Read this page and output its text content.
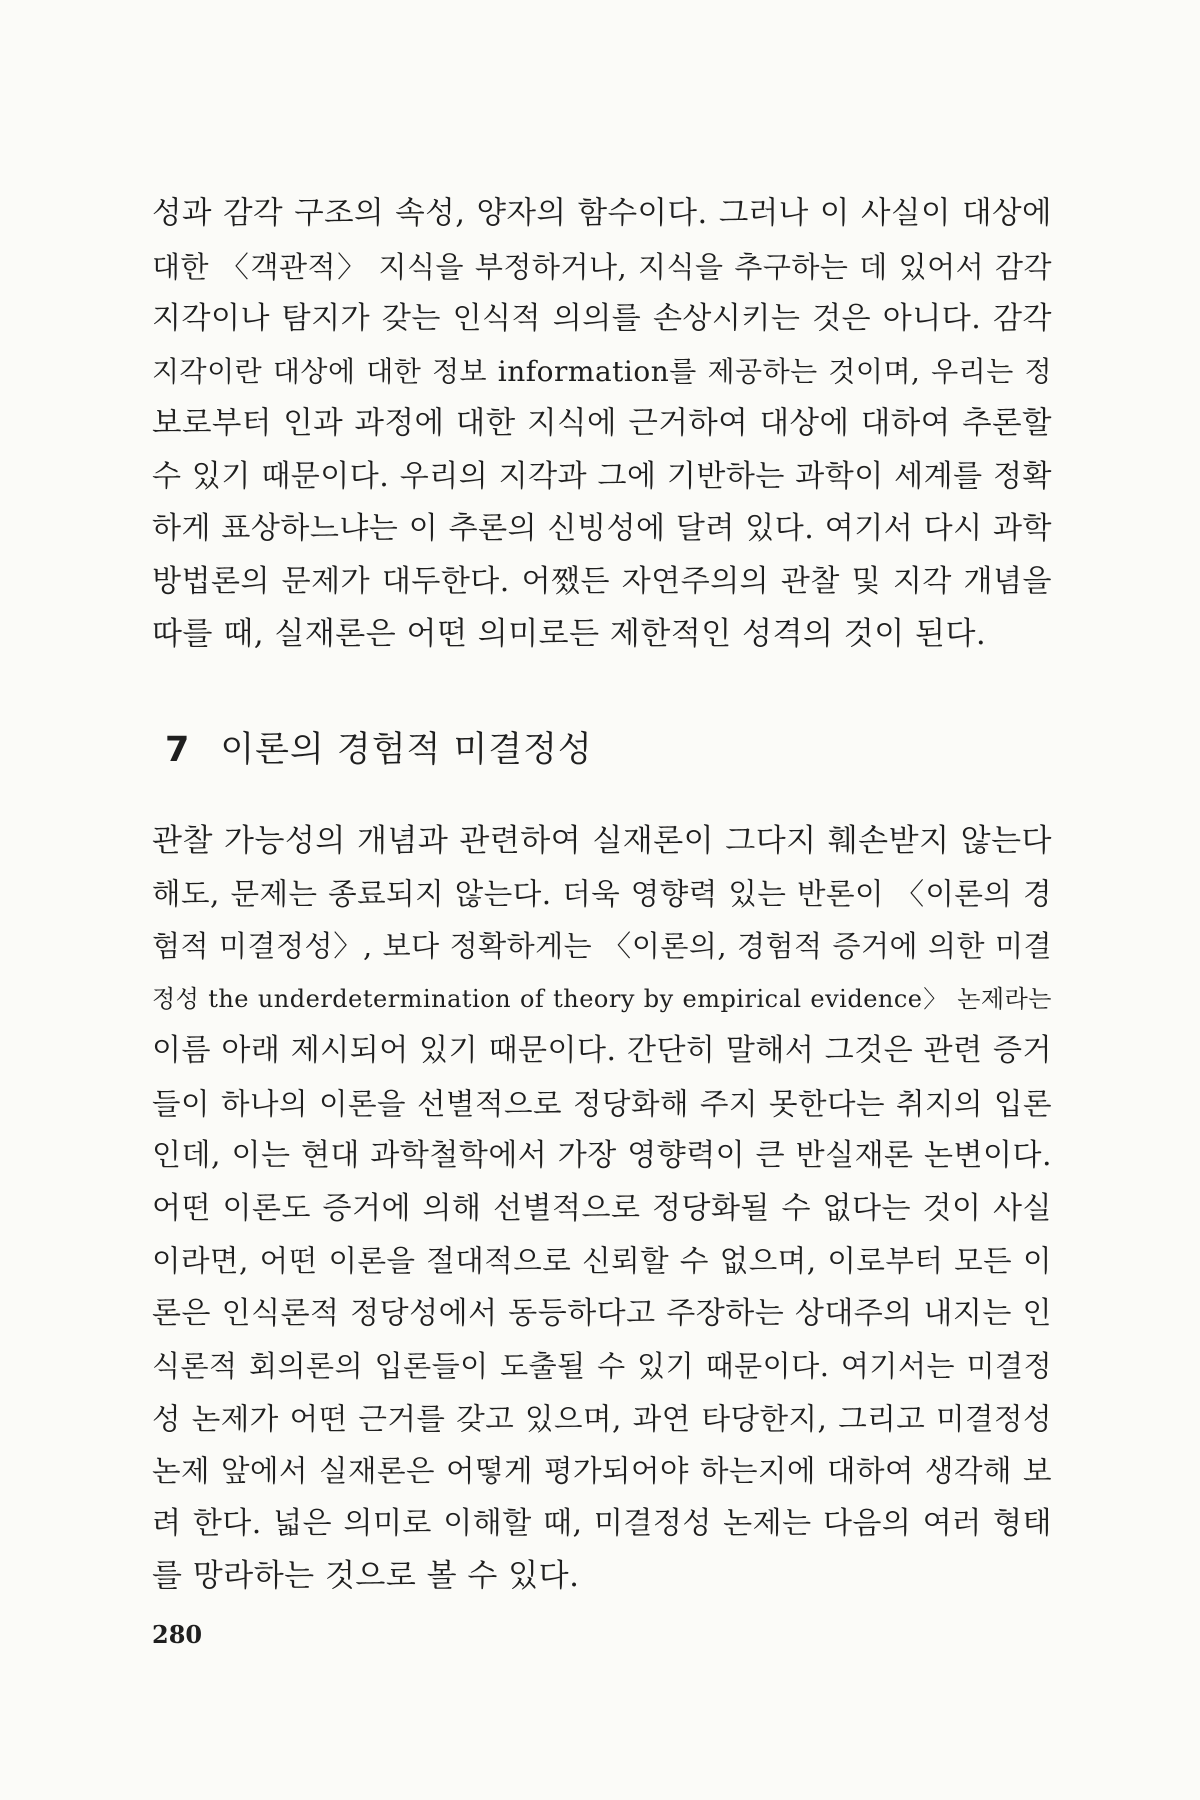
성과 감각 구조의 속성, 양자의 함수이다. 그러나 이 사실이 대상에
대한 〈객관적〉 지식을 부정하거나, 지식을 추구하는 데 있어서 감각
지각이나 탐지가 갖는 인식적 의의를 손상시키는 것은 아니다. 감각
지각이란 대상에 대한 정보 information를 제공하는 것이며, 우리는 정
보로부터 인과 과정에 대한 지식에 근거하여 대상에 대하여 추론할
수 있기 때문이다. 우리의 지각과 그에 기반하는 과학이 세계를 정확
하게 표상하느냐는 이 추론의 신빙성에 달려 있다. 여기서 다시 과학
방법론의 문제가 대두한다. 어쨌든 자연주의의 관찰 및 지각 개념을
따를 때, 실재론은 어떤 의미로든 제한적인 성격의 것이 된다.
7 이론의 경험적 미결정성
관찰 가능성의 개념과 관련하여 실재론이 그다지 훼손받지 않는다
해도, 문제는 종료되지 않는다. 더욱 영향력 있는 반론이 〈이론의 경
험적 미결정성〉, 보다 정확하게는 〈이론의, 경험적 증거에 의한 미결
정성 the underdetermination of theory by empirical evidence〉 논제라는
이름 아래 제시되어 있기 때문이다. 간단히 말해서 그것은 관련 증거
들이 하나의 이론을 선별적으로 정당화해 주지 못한다는 취지의 입론
인데, 이는 현대 과학철학에서 가장 영향력이 큰 반실재론 논변이다.
어떤 이론도 증거에 의해 선별적으로 정당화될 수 없다는 것이 사실
이라면, 어떤 이론을 절대적으로 신뢰할 수 없으며, 이로부터 모든 이
론은 인식론적 정당성에서 동등하다고 주장하는 상대주의 내지는 인
식론적 회의론의 입론들이 도출될 수 있기 때문이다. 여기서는 미결정
성 논제가 어떤 근거를 갖고 있으며, 과연 타당한지, 그리고 미결정성
논제 앞에서 실재론은 어떻게 평가되어야 하는지에 대하여 생각해 보
려 한다. 넓은 의미로 이해할 때, 미결정성 논제는 다음의 여러 형태
를 망라하는 것으로 볼 수 있다.
280
